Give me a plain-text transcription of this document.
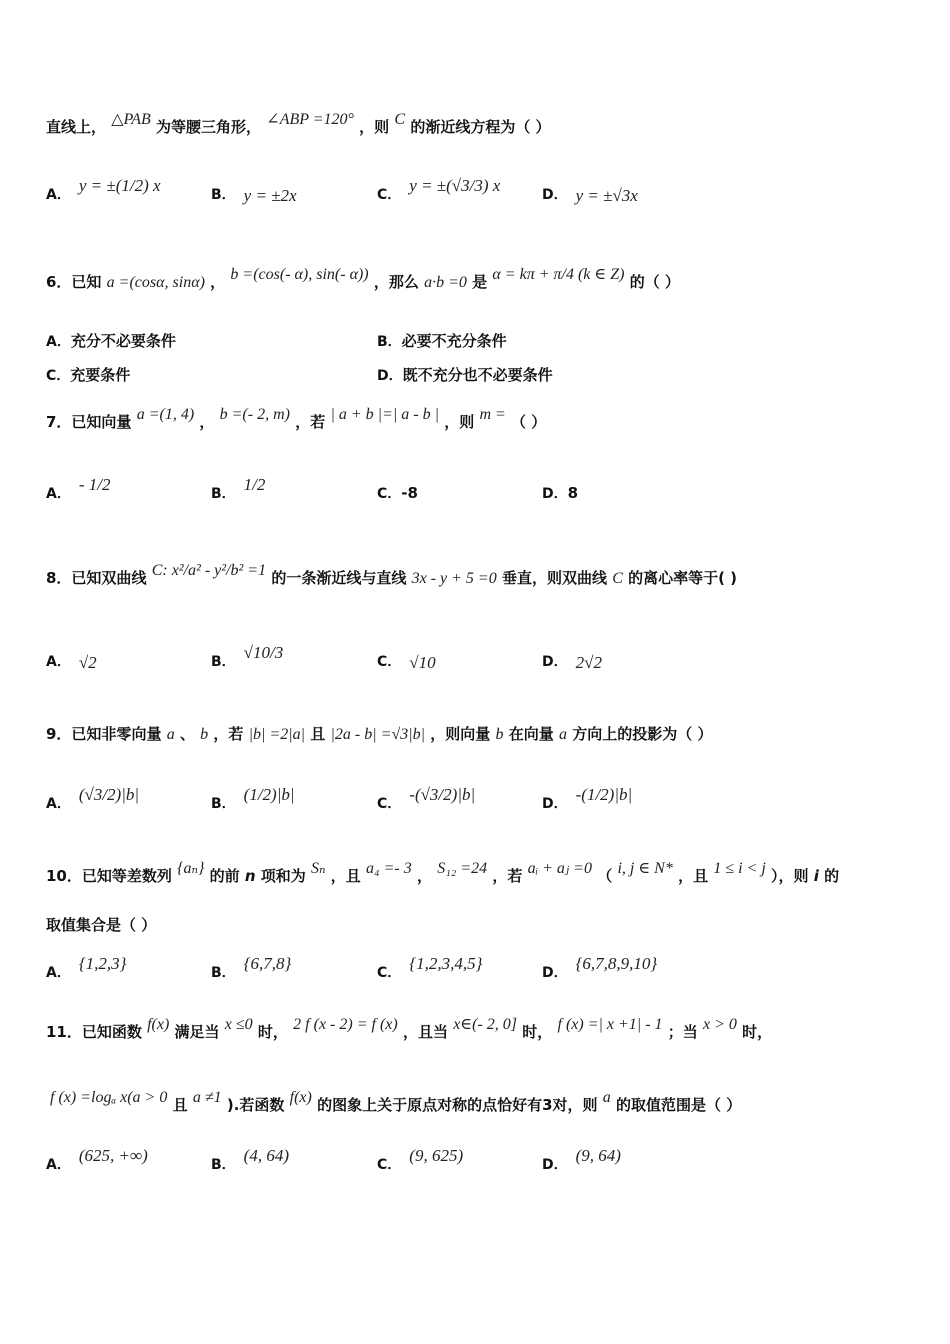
直线上， △PAB 为等腰三角形， ∠ABP =120° ，则 C 的渐近线方程为（ ）
A． y = ±(1/2) x	B． y = ±2x	C． y = ±(√3/3) x	D． y = ±√3x
6．已知 a =(cosα, sinα) ， b =(cos(- α), sin(- α)) ，那么 a·b =0 是 α = kπ + π/4 (k ∈ Z) 的（ ）
A．充分不必要条件	B．必要不充分条件
C．充要条件	D．既不充分也不必要条件
7．已知向量 a =(1, 4) ， b =(- 2, m) ，若 | a + b |=| a - b | ，则 m = （ ）
A． - 1/2	B． 1/2	C．-8	D．8
8．已知双曲线 C: x²/a² - y²/b² =1 的一条渐近线与直线 3x - y + 5 =0 垂直，则双曲线 C 的离心率等于( )
A． √2	B． √10/3	C． √10	D． 2√2
9．已知非零向量 a 、 b ，若 |b| =2|a| 且 |2a - b| =√3|b| ，则向量 b 在向量 a 方向上的投影为（ ）
A． (√3/2)|b|	B． (1/2)|b|	C． -(√3/2)|b|	D． -(1/2)|b|
10．已知等差数列 {aₙ} 的前 n 项和为 Sₙ ，且 a₄ =- 3 ， S₁₂ =24 ，若 aᵢ + aⱼ =0 （ i, j ∈ N* ，且 1 ≤ i < j ），则 i 的
取值集合是（ ）
A． {1,2,3}	B． {6,7,8}	C． {1,2,3,4,5}	D． {6,7,8,9,10}
11．已知函数 f(x) 满足当 x ≤0 时， 2 f (x - 2) = f (x) ，且当 x∈(- 2, 0] 时， f (x) =| x +1| - 1 ；当 x > 0 时，
f (x) =logₐ x(a > 0 且 a ≠1 ).若函数 f(x) 的图象上关于原点对称的点恰好有3对，则 a 的取值范围是（ ）
A． (625, +∞)	B． (4, 64)	C． (9, 625)	D． (9, 64)
